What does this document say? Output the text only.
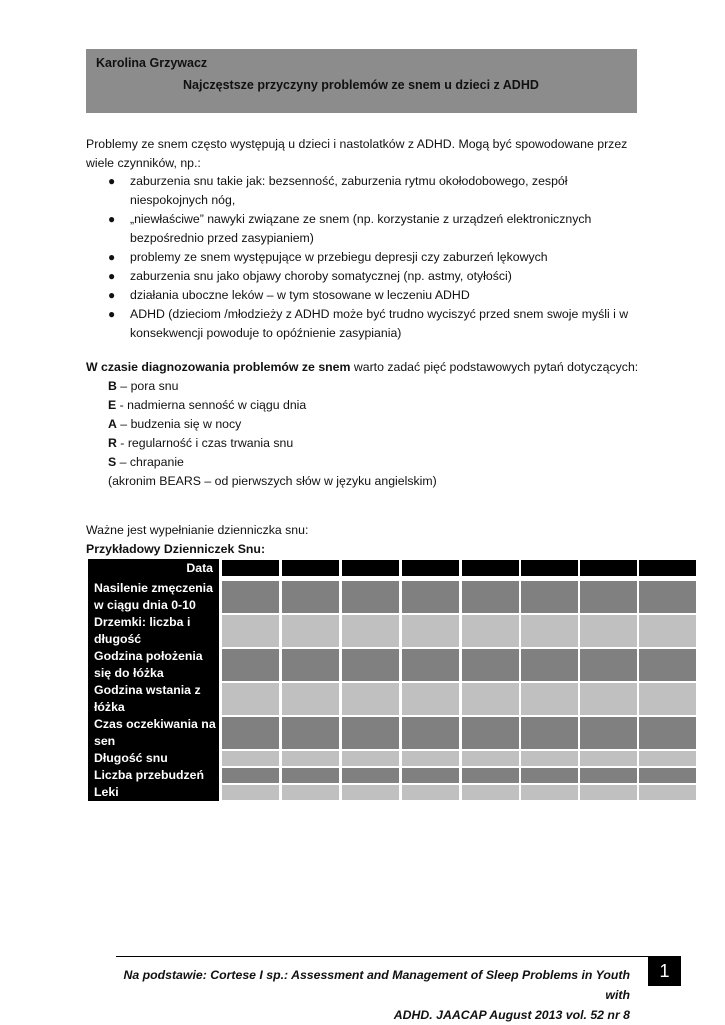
Karolina Grzywacz
Najczęstsze przyczyny problemów ze snem u dzieci z ADHD
Problemy ze snem często występują u dzieci i nastolatków z ADHD. Mogą być spowodowane przez
wiele czynników, np.:
● zaburzenia snu takie jak: bezsenność, zaburzenia rytmu okołodobowego, zespół
niespokojnych nóg,
● „niewłaściwe” nawyki związane ze snem (np. korzystanie z urządzeń elektronicznych
bezpośrednio przed zasypianiem)
● problemy ze snem występujące w przebiegu depresji czy zaburzeń lękowych
● zaburzenia snu jako objawy choroby somatycznej (np. astmy, otyłości)
● działania uboczne leków – w tym stosowane w leczeniu ADHD
● ADHD (dzieciom /młodzieży z ADHD może być trudno wyciszyć przed snem swoje myśli i w
konsekwencji powoduje to opóźnienie zasypiania)
W czasie diagnozowania problemów ze snem warto zadać pięć podstawowych pytań dotyczących:
B – pora snu
E - nadmierna senność w ciągu dnia
A – budzenia się w nocy
R - regularność i czas trwania snu
S – chrapanie
(akronim BEARS – od pierwszych słów w języku angielskim)
Ważne jest wypełnianie dzienniczka snu:
Przykładowy Dzienniczek Snu:
Data
Nasilenie zmęczenia
w ciągu dnia 0-10
Drzemki: liczba i
długość
Godzina położenia
się do łóżka
Godzina wstania z
łóżka
Czas oczekiwania na
sen
Długość snu
Liczba przebudzeń
Leki
Na podstawie: Cortese I sp.: Assessment and Management of Sleep Problems in Youth with
ADHD. JAACAP August 2013 vol. 52 nr 8
1
